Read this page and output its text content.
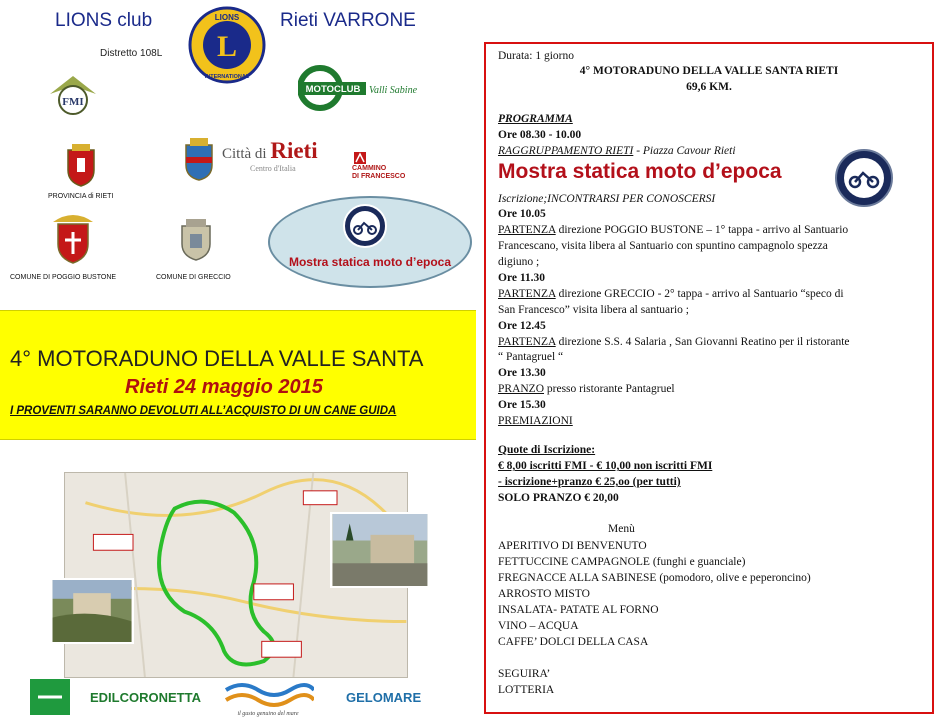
LIONS club	Rieti VARRONE
Distretto 108L L
LIONS
INTERNATIONAL
FMI
MOTOCLUB Valli Sabine
PROVINCIA di RIETI
Città di Rieti
Centro d'Italia	CAMMINO
DI FRANCESCO
COMUNE DI POGGIO BUSTONE	COMUNE DI GRECCIO
Mostra statica moto d’epoca
4° MOTORADUNO DELLA VALLE SANTA
Rieti 24 maggio 2015
I PROVENTI SARANNO DEVOLUTI ALL’ACQUISTO DI UN CANE GUIDA
EDILCORONETTA
il gusto genuino del mare
GELOMARE
Durata: 1 giorno
4° MOTORADUNO DELLA VALLE SANTA RIETI
69,6 KM.
PROGRAMMA
Ore 08.30 - 10.00
RAGGRUPPAMENTO RIETI - Piazza Cavour Rieti
Mostra statica moto d’epoca
Iscrizione;INCONTRARSI PER CONOSCERSI
Ore 10.05
PARTENZA direzione POGGIO BUSTONE – 1° tappa - arrivo al Santuario
Francescano, visita libera al Santuario con spuntino campagnolo spezza
digiuno ;
Ore 11.30
PARTENZA direzione GRECCIO - 2° tappa - arrivo al Santuario “speco di
San Francesco” visita libera al santuario ;
Ore 12.45
PARTENZA direzione S.S. 4 Salaria , San Giovanni Reatino per il ristorante
“ Pantagruel “
Ore 13.30
PRANZO presso ristorante Pantagruel
Ore 15.30
PREMIAZIONI
Quote di Iscrizione:
€ 8,00 iscritti FMI - € 10,00 non iscritti FMI
- iscrizione+pranzo € 25,oo (per tutti)
SOLO PRANZO € 20,00
Menù
APERITIVO DI BENVENUTO
FETTUCCINE CAMPAGNOLE (funghi e guanciale)
FREGNACCE ALLA SABINESE (pomodoro, olive e peperoncino)
ARROSTO MISTO
INSALATA- PATATE AL FORNO
VINO – ACQUA
CAFFE’ DOLCI DELLA CASA
SEGUIRA’
LOTTERIA
